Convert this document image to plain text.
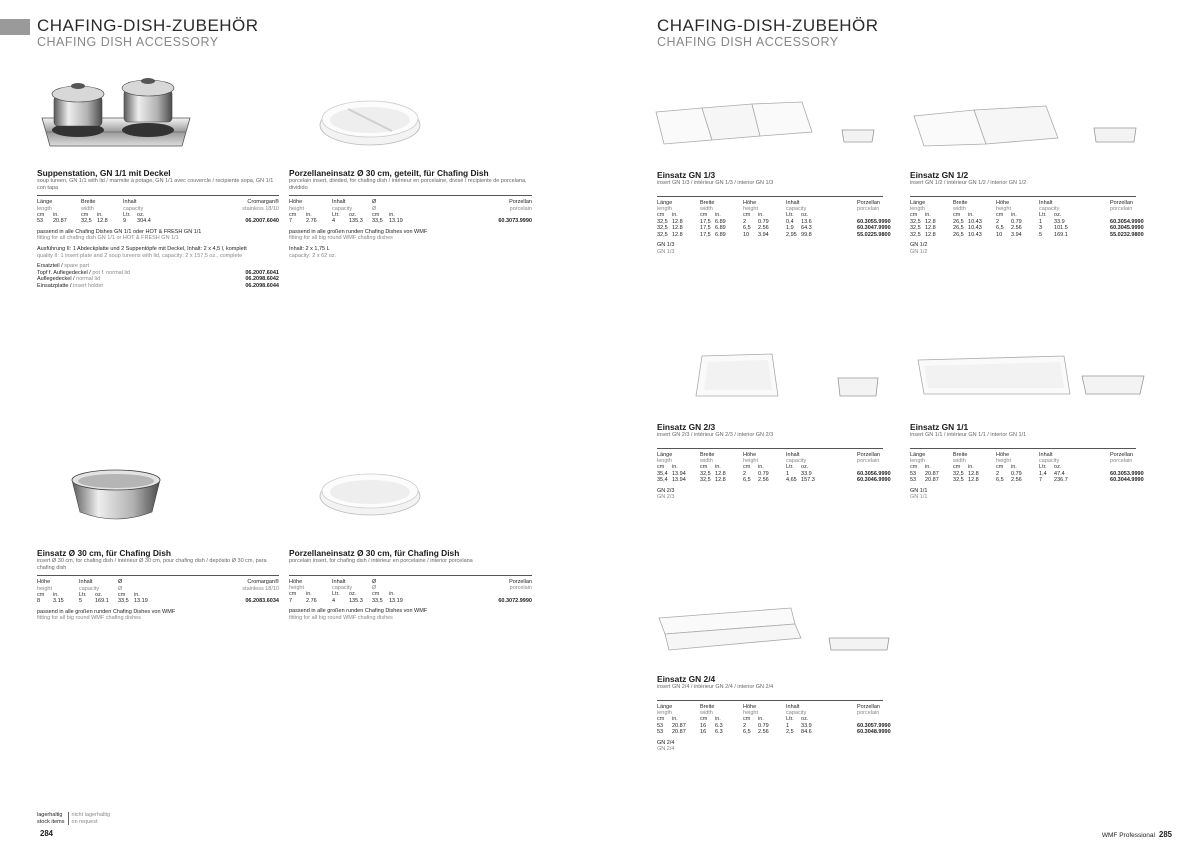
CHAFING-DISH-ZUBEHÖR
CHAFING DISH ACCESSORY
CHAFING-DISH-ZUBEHÖR
CHAFING DISH ACCESSORY
Suppenstation, GN 1/1 mit Deckel
soup tureen, GN 1/1 with lid / marmite à potage, GN 1/1 avec couvercle / recipiente sopa, GN 1/1 con tapa
Länge		Breite		Inhalt		Cromargan®
length		width		capacity		stainless 18/10
cm	in.	cm	in.	Ltr.	oz.	
53	20.87	32,5	12.8	9	304.4	06.2007.6040
passend in alle Chafing Dishes GN 1/1 oder HOT & FRESH GN 1/1
fitting for all chafing dish GN 1/1 or HOT & FRESH GN 1/1
Ausführung II: 1 Abdeckplatte und 2 Suppentöpfe mit Deckel, Inhalt: 2 x 4,5 l, komplett
quality II: 1 insert plate and 2 soup tureens with lid, capacity: 2 x 157,5 oz., complete
Ersatzteil / spare part
Topf f. Auflegedeckel / pot f. normal lid	06.2007.6041
Auflegedeckel / normal lid	06.2098.6042
Einsatzplatte / insert holder	06.2098.6044
Porzellaneinsatz Ø 30 cm, geteilt, für Chafing Dish
porcelain insert, divided, for chafing dish / intérieur en porcelaine, divisé / recipiente de porcelana, dividido
Höhe		Inhalt		Ø		Porzellan
height		capacity		Ø		porcelain
cm	in.	Ltr.	oz.	cm	in.	
7	2.76	4	135.3	33,5	13.19	60.3073.9990
passend in alle großen runden Chafing Dishes von WMF
fitting for all big round WMF chafing dishes
Inhalt: 2 x 1,75 L
capacity: 2 x 62 oz.
Einsatz Ø 30 cm, für Chafing Dish
insert Ø 30 cm, for chafing dish / intérieur Ø 30 cm, pour chafing dish / depósito Ø 30 cm, para chafing dish
Höhe		Inhalt		Ø		Cromargan®
height		capacity		Ø		stainless 18/10
cm	in.	Ltr.	oz.	cm	in.	
8	3.15	5	169.1	33,5	13.19	06.2083.6034
passend in alle großen runden Chafing Dishes von WMF
fitting for all big round WMF chafing dishes
Porzellaneinsatz Ø 30 cm, für Chafing Dish
porcelain insert, for chafing dish / intérieur en porcelaine / interior porcelana
Höhe		Inhalt		Ø		Porzellan
height		capacity		Ø		porcelain
cm	in.	Ltr.	oz.	cm	in.	
7	2.76	4	135.3	33,5	13.19	60.3072.9990
passend in alle großen runden Chafing Dishes von WMF
fitting for all big round WMF chafing dishes
Einsatz GN 1/3
insert GN 1/3 / intérieur GN 1/3 / interior GN 1/3
Länge		Breite		Höhe		Inhalt		Porzellan
length		width		height		capacity		porcelain
cm	in.	cm	in.	cm	in.	Ltr.	oz.	
32,5	12.8	17,5	6.89	2	0.79	0,4	13.6	60.3055.9990
32,5	12.8	17,5	6.89	6,5	2.56	1,9	64.3	60.3047.9990
32,5	12.8	17,5	6.89	10	3.94	2,95	99.8	55.0225.9800
GN 1/3
GN 1/3
Einsatz GN 1/2
insert GN 1/2 / intérieur GN 1/2 / interior GN 1/2
Länge		Breite		Höhe		Inhalt		Porzellan
length		width		height		capacity		porcelain
cm	in.	cm	in.	cm	in.	Ltr.	oz.	
32,5	12.8	26,5	10.43	2	0.79	1	33.9	60.3054.9990
32,5	12.8	26,5	10.43	6,5	2.56	3	101.5	60.3045.9990
32,5	12.8	26,5	10.43	10	3.94	5	169.1	55.0232.9800
GN 1/2
GN 1/2
Einsatz GN 2/3
insert GN 2/3 / intérieur GN 2/3 / interior GN 2/3
Länge		Breite		Höhe		Inhalt		Porzellan
length		width		height		capacity		porcelain
cm	in.	cm	in.	cm	in.	Ltr.	oz.	
35,4	13.94	32,5	12.8	2	0.79	1	33.9	60.3056.9990
35,4	13.94	32,5	12.8	6,5	2.56	4,65	157.3	60.3046.9990
GN 2/3
GN 2/3
Einsatz GN 1/1
insert GN 1/1 / intérieur GN 1/1 / interior GN 1/1
Länge		Breite		Höhe		Inhalt		Porzellan
length		width		height		capacity		porcelain
cm	in.	cm	in.	cm	in.	Ltr.	oz.	
53	20.87	32,5	12.8	2	0.79	1,4	47.4	60.3053.9990
53	20.87	32,5	12.8	6,5	2.56	7	236.7	60.3044.9990
GN 1/1
GN 1/1
Einsatz GN 2/4
insert GN 2/4 / intérieur GN 2/4 / interior GN 2/4
Länge		Breite		Höhe		Inhalt		Porzellan
length		width		height		capacity		porcelain
cm	in.	cm	in.	cm	in.	Ltr.	oz.	
53	20.87	16	6.3	2	0.79	1	33.9	60.3057.9990
53	20.87	16	6.3	6,5	2.56	2,5	84.6	60.3048.9990
GN 2/4
GN 2/4
lagerhaltig
stock items
nicht lagerhaltig
on request
284	WMF Professional 285
